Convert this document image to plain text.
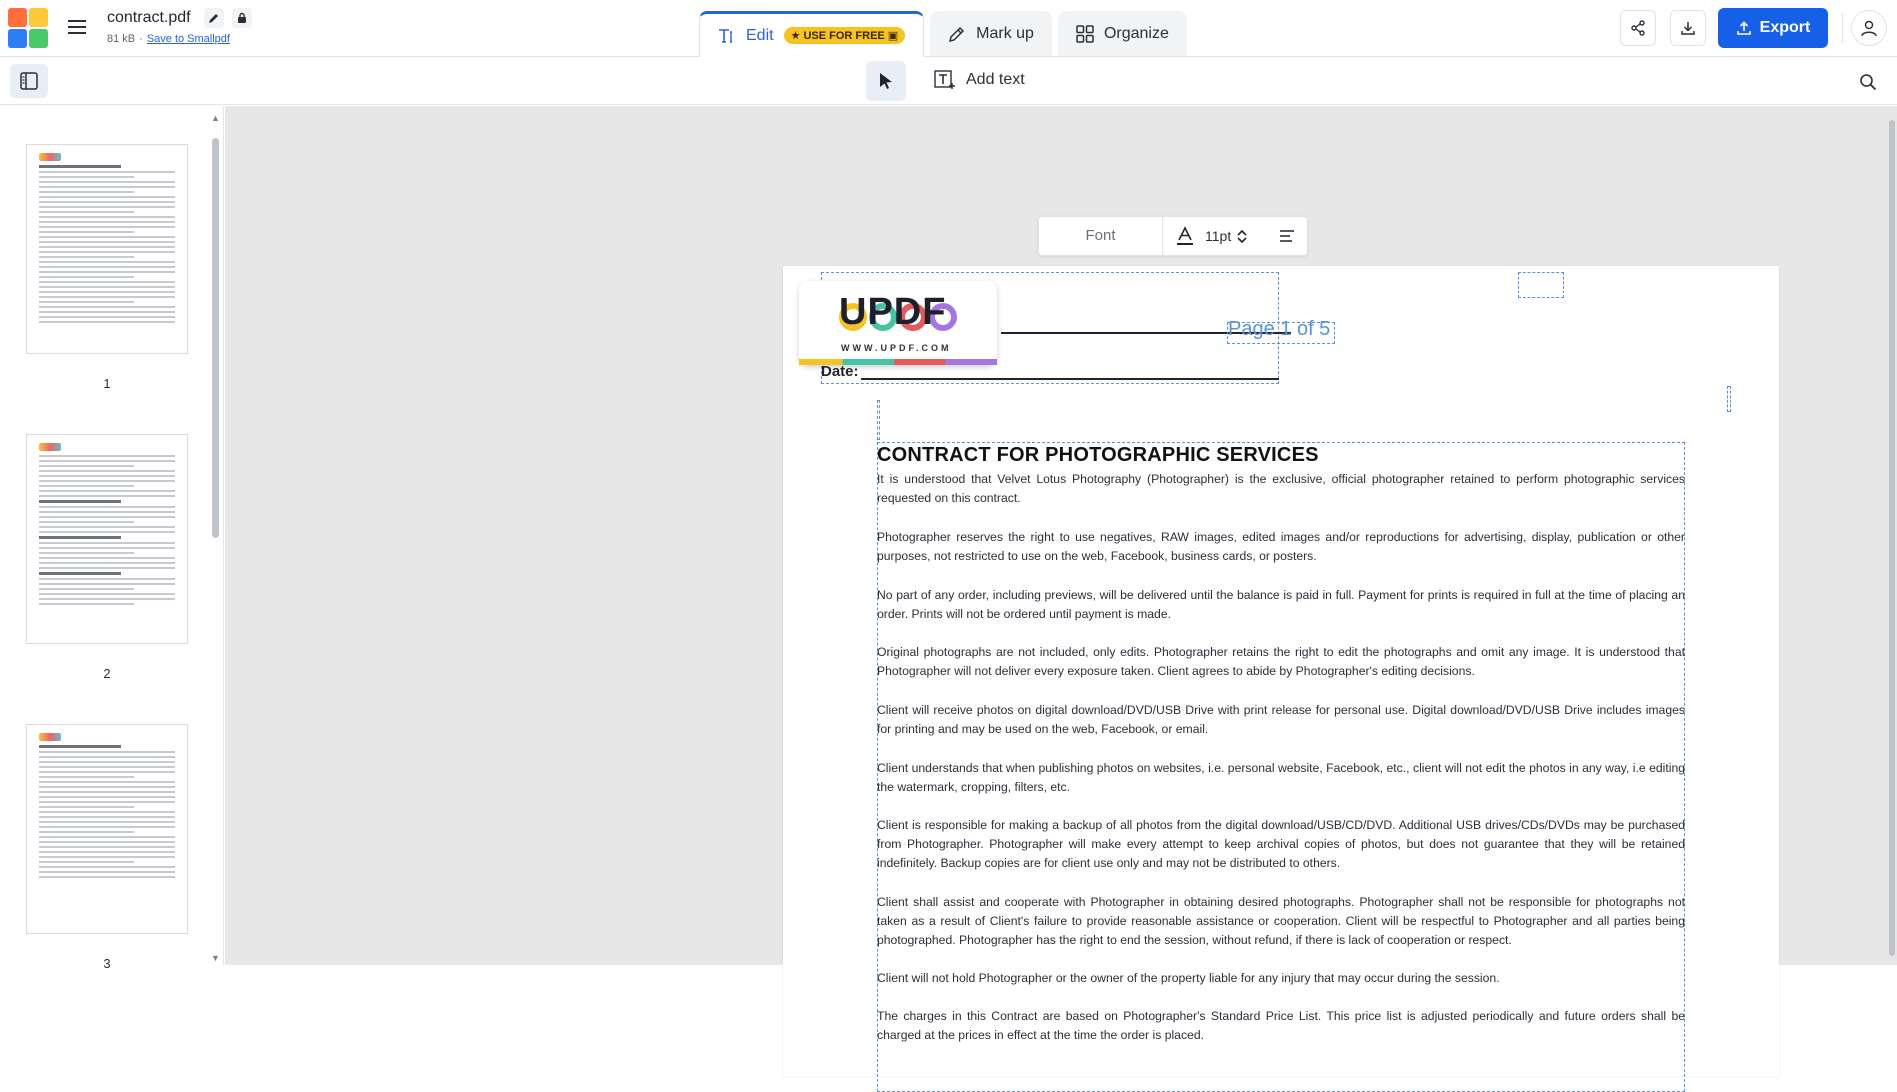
contract.pdf
81 kB · Save to Smallpdf	Edit ★ USE FOR FREE ▣	Mark up	Organize	Export
Add text
1
2
3
▲
▼
Font	11pt
UPDF
WWW.UPDF.COM
Page 1 of 5
Date:
CONTRACT FOR PHOTOGRAPHIC SERVICES
It is understood that Velvet Lotus Photography (Photographer) is the exclusive, official photographer retained to perform photographic services requested on this contract.
Photographer reserves the right to use negatives, RAW images, edited images and/or reproductions for advertising, display, publication or other purposes, not restricted to use on the web, Facebook, business cards, or posters.
No part of any order, including previews, will be delivered until the balance is paid in full. Payment for prints is required in full at the time of placing an order. Prints will not be ordered until payment is made.
Original photographs are not included, only edits. Photographer retains the right to edit the photographs and omit any image. It is understood that Photographer will not deliver every exposure taken. Client agrees to abide by Photographer's editing decisions.
Client will receive photos on digital download/DVD/USB Drive with print release for personal use. Digital download/DVD/USB Drive includes images for printing and may be used on the web, Facebook, or email.
Client understands that when publishing photos on websites, i.e. personal website, Facebook, etc., client will not edit the photos in any way, i.e editing the watermark, cropping, filters, etc.
Client is responsible for making a backup of all photos from the digital download/USB/CD/DVD. Additional USB drives/CDs/DVDs may be purchased from Photographer. Photographer will make every attempt to keep archival copies of photos, but does not guarantee that they will be retained indefinitely. Backup copies are for client use only and may not be distributed to others.
Client shall assist and cooperate with Photographer in obtaining desired photographs. Photographer shall not be responsible for photographs not taken as a result of Client's failure to provide reasonable assistance or cooperation. Client will be respectful to Photographer and all parties being photographed. Photographer has the right to end the session, without refund, if there is lack of cooperation or respect.
Client will not hold Photographer or the owner of the property liable for any injury that may occur during the session.
The charges in this Contract are based on Photographer's Standard Price List. This price list is adjusted periodically and future orders shall be charged at the prices in effect at the time the order is placed.
